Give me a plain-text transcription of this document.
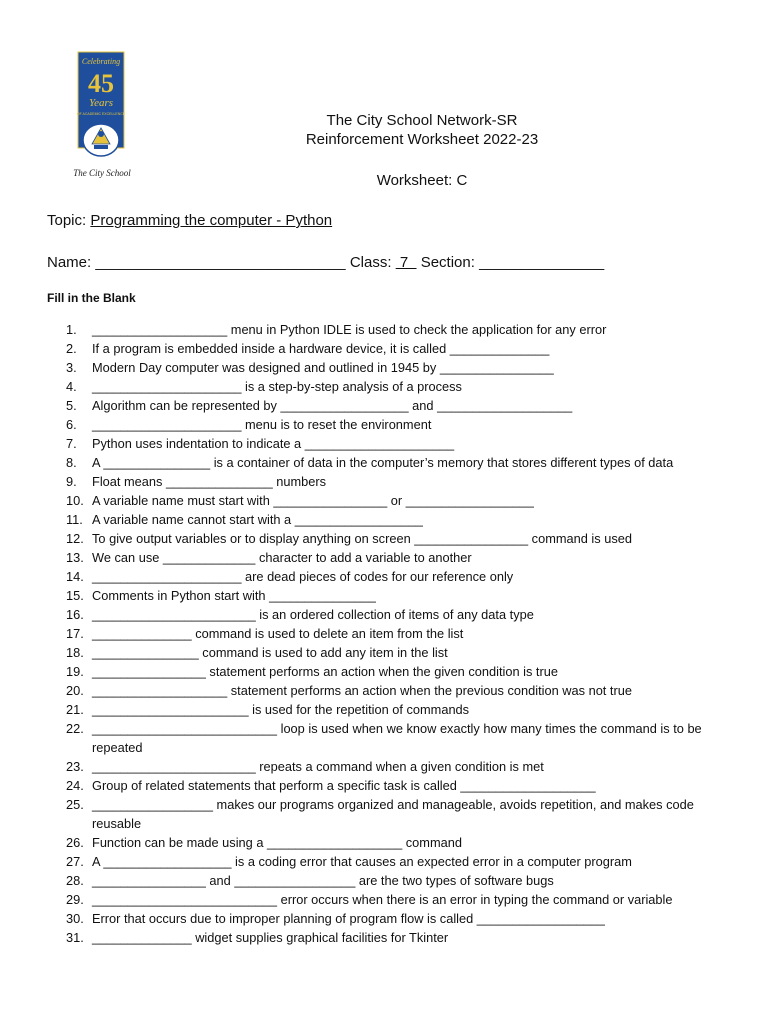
Celebrating
45
Years
OF ACADEMIC EXCELLENCE
The City School
The City School Network-SR
Reinforcement Worksheet 2022-23
Worksheet: C
Topic: Programming the computer - Python
Name: ______________________________ Class:  7   Section: _______________
Fill in the Blank
1.	___________________ menu in Python IDLE is used to check the application for any error
2.	If a program is embedded inside a hardware device, it is called ______________
3.	Modern Day computer was designed and outlined in 1945 by ________________
4.	_____________________ is a step-by-step analysis of a process
5.	Algorithm can be represented by __________________ and ___________________
6.	_____________________ menu is to reset the environment
7.	Python uses indentation to indicate a _____________________
8.	A _______________ is a container of data in the computer’s memory that stores different types of data
9.	Float means _______________ numbers
10. A variable name must start with ________________ or __________________
11. A variable name cannot start with a __________________
12. To give output variables or to display anything on screen ________________ command is used
13. We can use _____________ character to add a variable to another
14. _____________________ are dead pieces of codes for our reference only
15. Comments in Python start with _______________
16. _______________________ is an ordered collection of items of any data type
17. ______________ command is used to delete an item from the list
18. _______________ command is used to add any item in the list
19. ________________ statement performs an action when the given condition is true
20. ___________________ statement performs an action when the previous condition was not true
21. ______________________ is used for the repetition of commands
22. __________________________ loop is used when we know exactly how many times the command is to be repeated
23. _______________________ repeats a command when a given condition is met
24. Group of related statements that perform a specific task is called ___________________
25. _________________ makes our programs organized and manageable, avoids repetition, and makes code reusable
26. Function can be made using a ___________________ command
27. A __________________ is a coding error that causes an expected error in a computer program
28. ________________ and _________________ are the two types of software bugs
29. __________________________ error occurs when there is an error in typing the command or variable
30. Error that occurs due to improper planning of program flow is called __________________
31. ______________ widget supplies graphical facilities for Tkinter
